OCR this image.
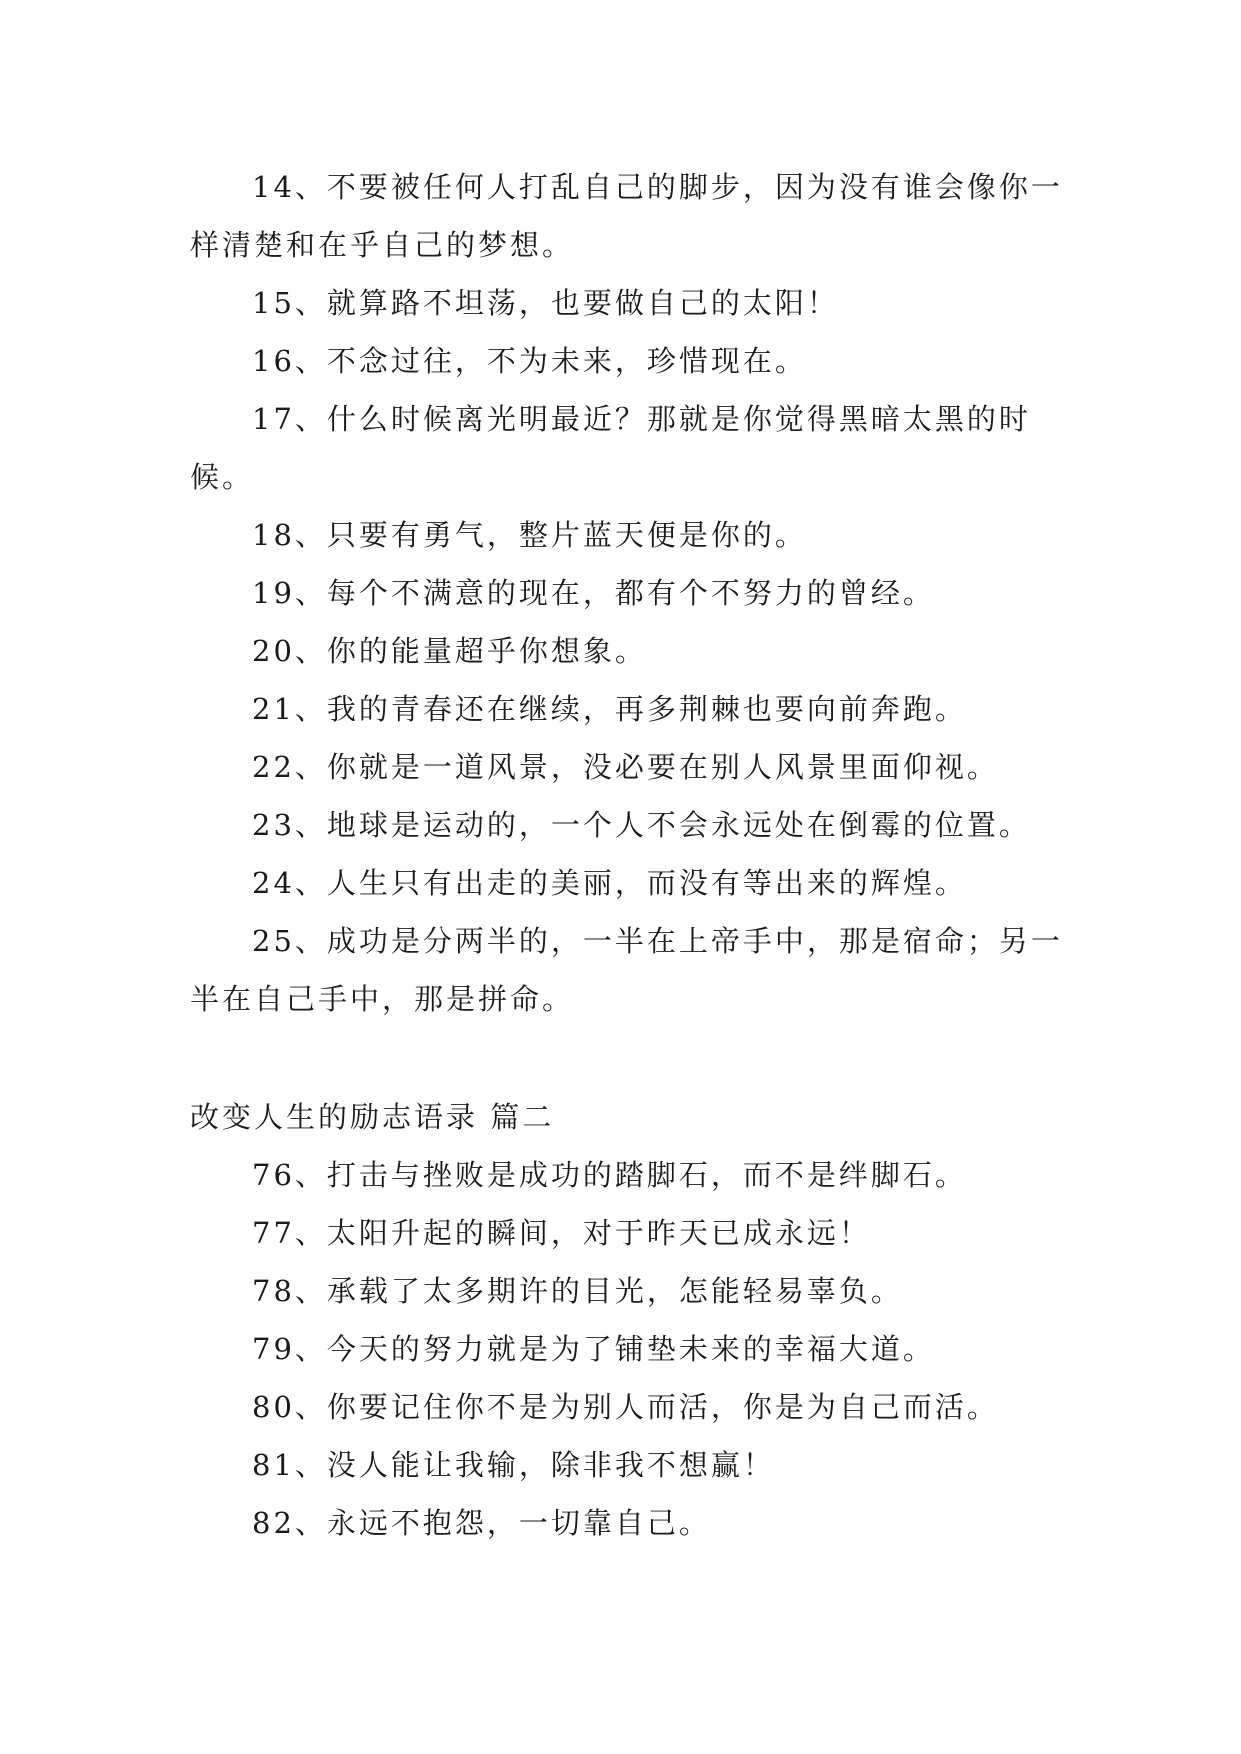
14、不要被任何人打乱自己的脚步，因为没有谁会像你一样清楚和在乎自己的梦想。

15、就算路不坦荡，也要做自己的太阳！

16、不念过往，不为未来，珍惜现在。

17、什么时候离光明最近？那就是你觉得黑暗太黑的时候。

18、只要有勇气，整片蓝天便是你的。

19、每个不满意的现在，都有个不努力的曾经。

20、你的能量超乎你想象。

21、我的青春还在继续，再多荆棘也要向前奔跑。

22、你就是一道风景，没必要在别人风景里面仰视。

23、地球是运动的，一个人不会永远处在倒霉的位置。

24、人生只有出走的美丽，而没有等出来的辉煌。

25、成功是分两半的，一半在上帝手中，那是宿命；另一半在自己手中，那是拼命。

改变人生的励志语录 篇二

76、打击与挫败是成功的踏脚石，而不是绊脚石。

77、太阳升起的瞬间，对于昨天已成永远！

78、承载了太多期许的目光，怎能轻易辜负。

79、今天的努力就是为了铺垫未来的幸福大道。

80、你要记住你不是为别人而活，你是为自己而活。

81、没人能让我输，除非我不想赢！

82、永远不抱怨，一切靠自己。
